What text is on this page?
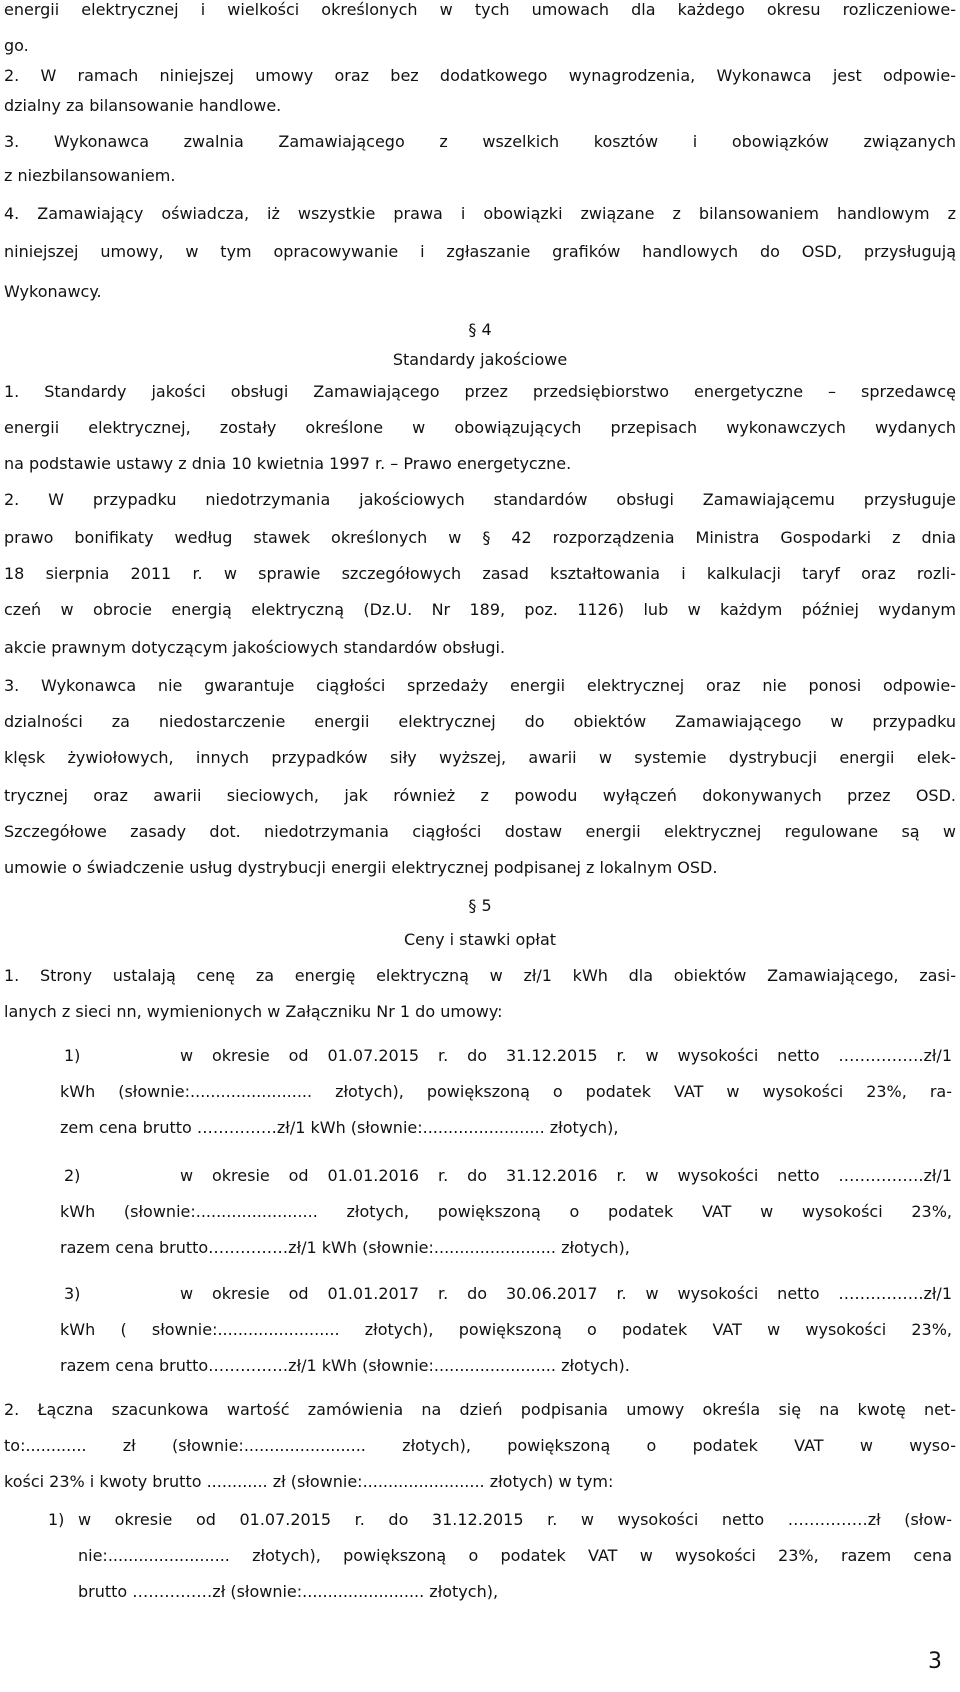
energii elektrycznej i wielkości określonych w tych umowach dla każdego okresu rozliczeniowe-
go.
2. W ramach niniejszej umowy oraz bez dodatkowego wynagrodzenia, Wykonawca jest odpowie-
dzialny za bilansowanie handlowe.
3. Wykonawca zwalnia Zamawiającego z wszelkich kosztów i obowiązków związanych
z niezbilansowaniem.
4. Zamawiający oświadcza, iż wszystkie prawa i obowiązki związane z bilansowaniem handlowym z
niniejszej umowy, w tym opracowywanie i zgłaszanie grafików handlowych do OSD, przysługują
Wykonawcy.
§ 4
Standardy jakościowe
1. Standardy jakości obsługi Zamawiającego przez przedsiębiorstwo energetyczne – sprzedawcę
energii elektrycznej, zostały określone w obowiązujących przepisach wykonawczych wydanych
na podstawie ustawy z dnia 10 kwietnia 1997 r. – Prawo energetyczne.
2. W przypadku niedotrzymania jakościowych standardów obsługi Zamawiającemu przysługuje
prawo bonifikaty według stawek określonych w § 42 rozporządzenia Ministra Gospodarki z dnia
18 sierpnia 2011 r. w sprawie szczegółowych zasad kształtowania i kalkulacji taryf oraz rozli-
czeń w obrocie energią elektryczną (Dz.U. Nr 189, poz. 1126) lub w każdym później wydanym
akcie prawnym dotyczącym jakościowych standardów obsługi.
3. Wykonawca nie gwarantuje ciągłości sprzedaży energii elektrycznej oraz nie ponosi odpowie-
dzialności za niedostarczenie energii elektrycznej do obiektów Zamawiającego w przypadku
klęsk żywiołowych, innych przypadków siły wyższej, awarii w systemie dystrybucji energii elek-
trycznej oraz awarii sieciowych, jak również z powodu wyłączeń dokonywanych przez OSD.
Szczegółowe zasady dot. niedotrzymania ciągłości dostaw energii elektrycznej regulowane są w
umowie o świadczenie usług dystrybucji energii elektrycznej podpisanej z lokalnym OSD.
§ 5
Ceny i stawki opłat
1. Strony ustalają cenę za energię elektryczną w zł/1 kWh dla obiektów Zamawiającego, zasi-
lanych z sieci nn, wymienionych w Załączniku Nr 1 do umowy:
1)	w okresie od 01.07.2015 r. do 31.12.2015 r. w wysokości netto …………….zł/1
kWh (słownie:........................ złotych), powiększoną o podatek VAT w wysokości 23%, ra-
zem cena brutto ……………zł/1 kWh (słownie:........................ złotych),
2)	w okresie od 01.01.2016 r. do 31.12.2016 r. w wysokości netto …………….zł/1
kWh (słownie:........................ złotych, powiększoną o podatek VAT w wysokości 23%,
razem cena brutto……………zł/1 kWh (słownie:........................ złotych),
3)	w okresie od 01.01.2017 r. do 30.06.2017 r. w wysokości netto …………….zł/1
kWh ( słownie:........................ złotych), powiększoną o podatek VAT w wysokości 23%,
razem cena brutto……………zł/1 kWh (słownie:........................ złotych).
2. Łączna szacunkowa wartość zamówienia na dzień podpisania umowy określa się na kwotę net-
to:............ zł (słownie:........................ złotych), powiększoną o podatek VAT w wyso-
kości 23% i kwoty brutto ............ zł (słownie:........................ złotych) w tym:
1) w okresie od 01.07.2015 r. do 31.12.2015 r. w wysokości netto ……………zł (słow-
nie:........................ złotych), powiększoną o podatek VAT w wysokości 23%, razem cena
brutto ……………zł (słownie:........................ złotych),
3
